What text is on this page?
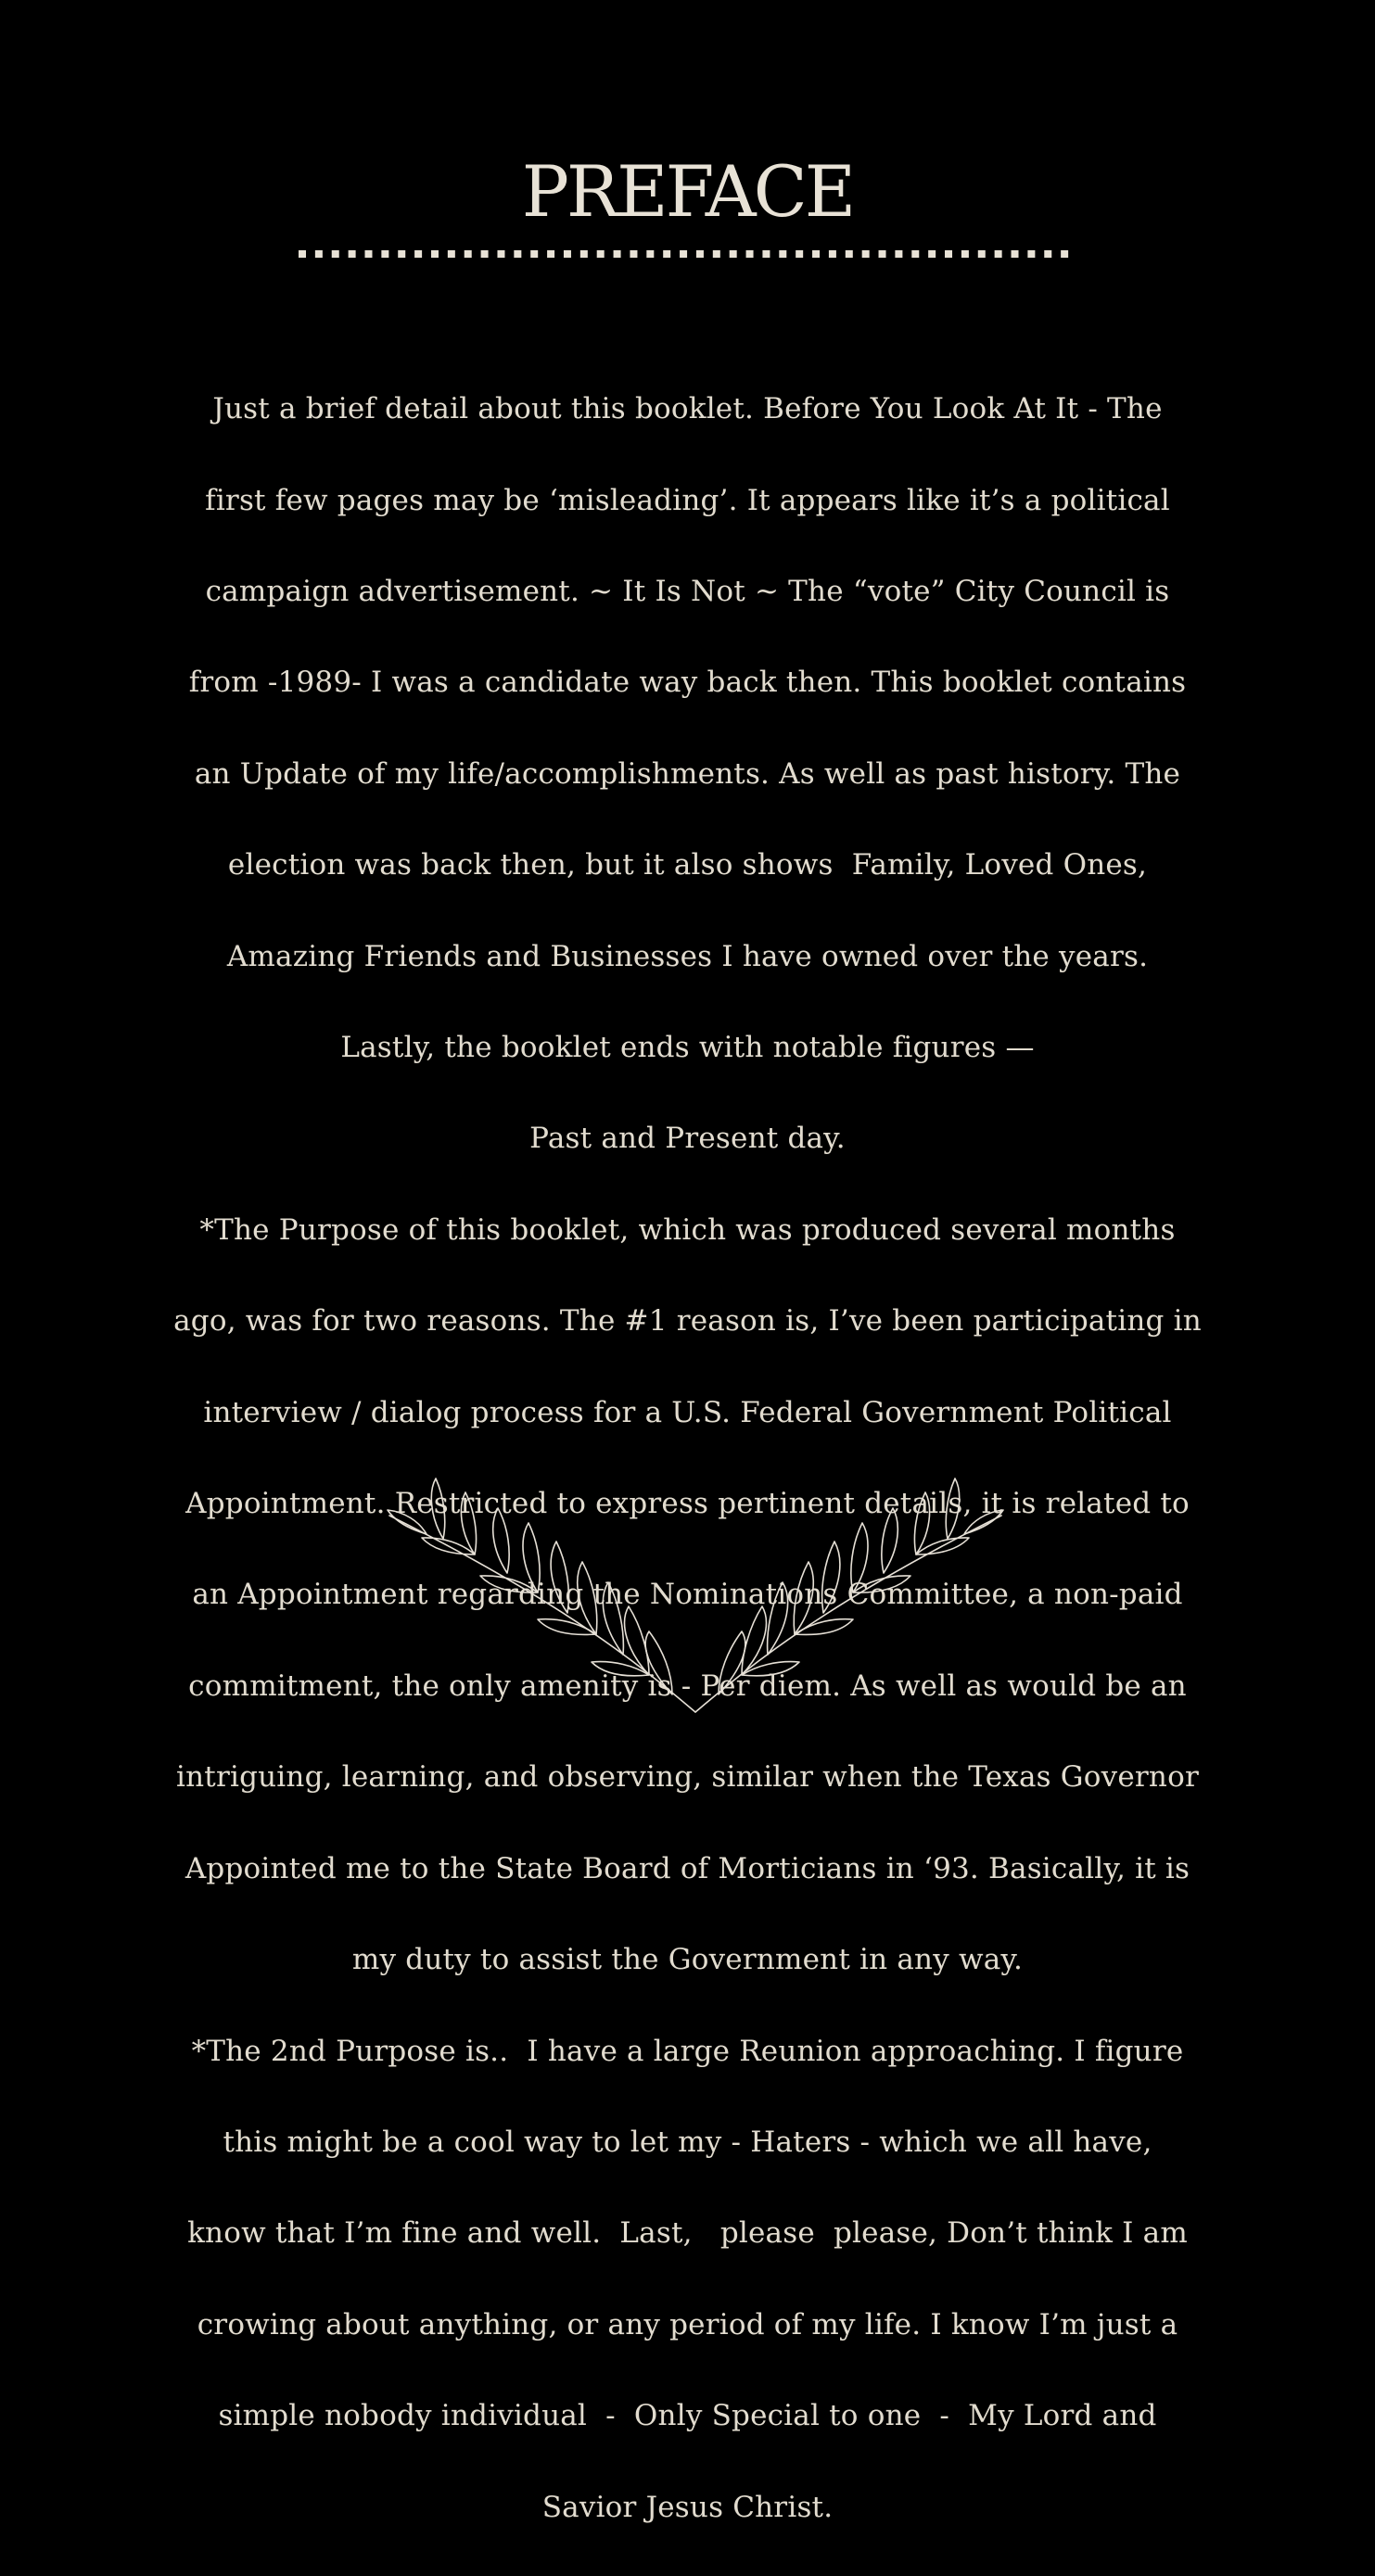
PREFACE

Just a brief detail about this booklet. Before You Look At It - The

first few pages may be ‘misleading’. It appears like it’s a political

campaign advertisement. ~ It Is Not ~ The “vote” City Council is

from -1989- I was a candidate way back then. This booklet contains

an Update of my life/accomplishments. As well as past history. The

election was back then, but it also shows  Family, Loved Ones,

Amazing Friends and Businesses I have owned over the years.

Lastly, the booklet ends with notable figures —

Past and Present day.

*The Purpose of this booklet, which was produced several months

ago, was for two reasons. The #1 reason is, I’ve been participating in

interview / dialog process for a U.S. Federal Government Political

Appointment. Restricted to express pertinent details, it is related to

an Appointment regarding the Nominations Committee, a non-paid

commitment, the only amenity is - Per diem. As well as would be an

intriguing, learning, and observing, similar when the Texas Governor

Appointed me to the State Board of Morticians in ‘93. Basically, it is

my duty to assist the Government in any way.

*The 2nd Purpose is..  I have a large Reunion approaching. I figure

this might be a cool way to let my - Haters - which we all have,

know that I’m fine and well.  Last,   please  please, Don’t think I am

crowing about anything, or any period of my life. I know I’m just a

simple nobody individual  -  Only Special to one  -  My Lord and

Savior Jesus Christ.
